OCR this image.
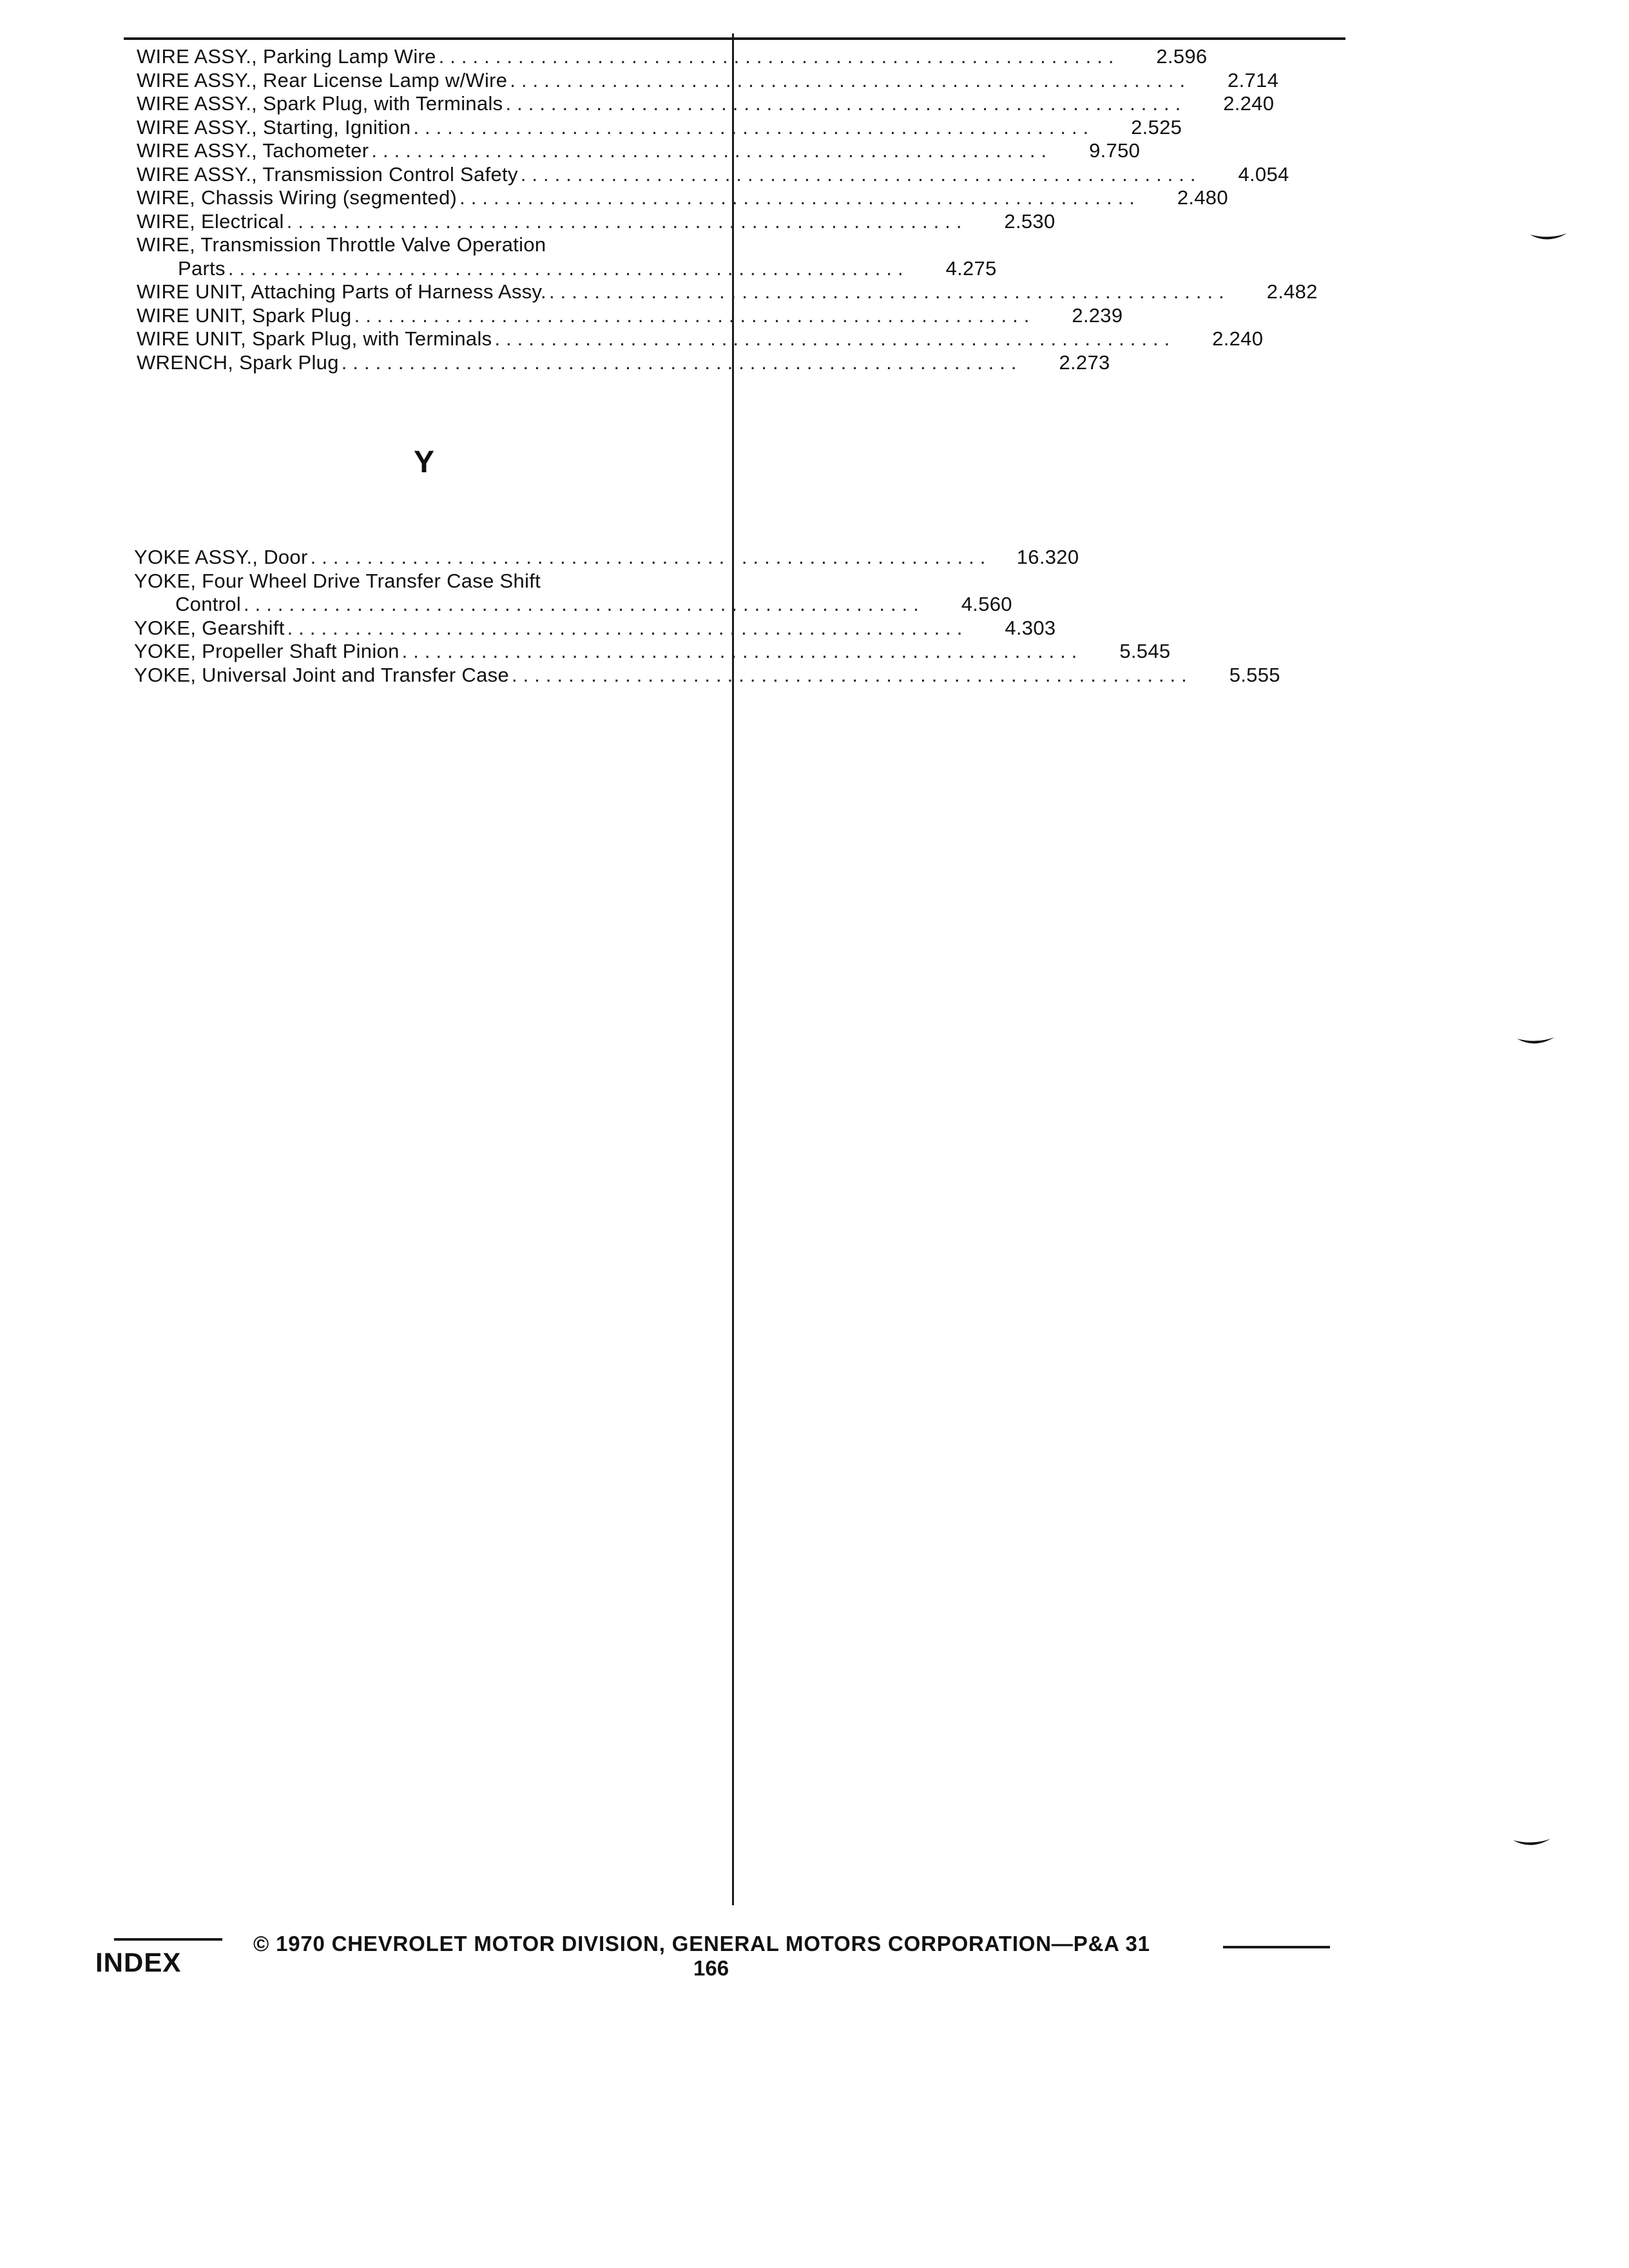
WIRE ASSY., Parking Lamp Wire ............................................................	2.596
WIRE ASSY., Rear License Lamp w/Wire ............................................................	2.714
WIRE ASSY., Spark Plug, with Terminals ............................................................	2.240
WIRE ASSY., Starting, Ignition ............................................................	2.525
WIRE ASSY., Tachometer ............................................................	9.750
WIRE ASSY., Transmission Control Safety ............................................................	4.054
WIRE, Chassis Wiring (segmented) ............................................................	2.480
WIRE, Electrical ............................................................	2.530
WIRE, Transmission Throttle Valve Operation
Parts ............................................................	4.275
WIRE UNIT, Attaching Parts of Harness Assy. ............................................................	2.482
WIRE UNIT, Spark Plug ............................................................	2.239
WIRE UNIT, Spark Plug, with Terminals ............................................................	2.240
WRENCH, Spark Plug ............................................................	2.273
Y
YOKE ASSY., Door ............................................................	16.320
YOKE, Four Wheel Drive Transfer Case Shift
Control ............................................................	4.560
YOKE, Gearshift ............................................................	4.303
YOKE, Propeller Shaft Pinion ............................................................	5.545
YOKE, Universal Joint and Transfer Case ............................................................	5.555
INDEX
© 1970 CHEVROLET MOTOR DIVISION, GENERAL MOTORS CORPORATION—P&A 31
166
